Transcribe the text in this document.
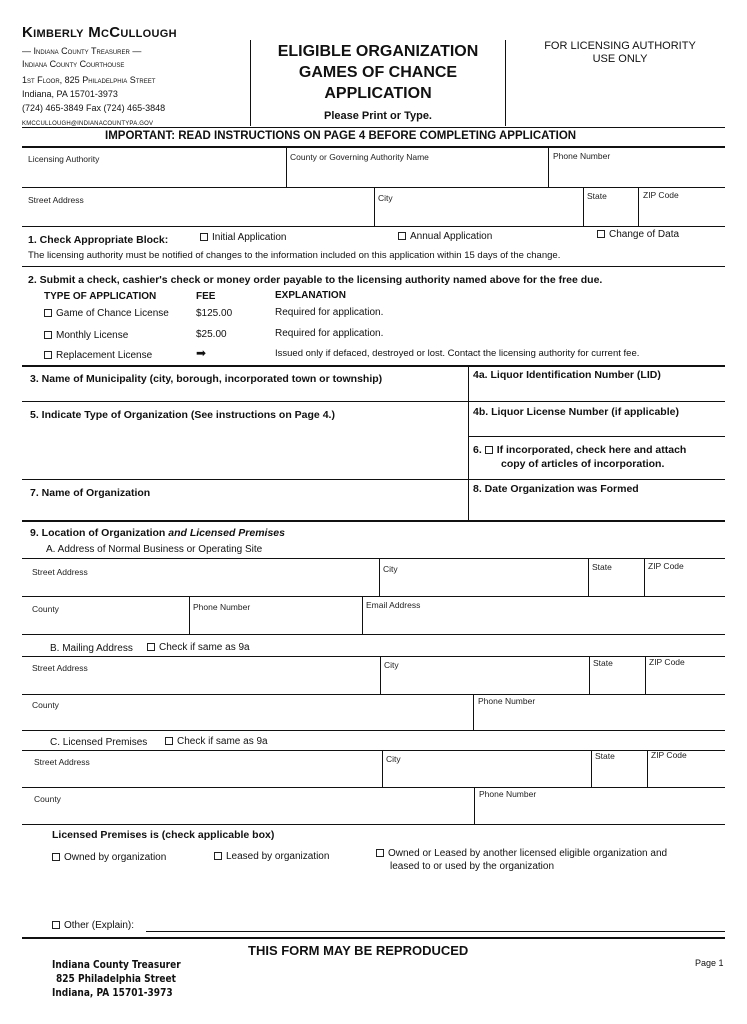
Kimberly McCullough
— Indiana County Treasurer —
Indiana County Courthouse
1st Floor, 825 Philadelphia Street
Indiana, PA 15701-3973
(724) 465-3849 Fax (724) 465-3848
KMCCULLOUGH@INDIANACOUNTYPA.GOV
ELIGIBLE ORGANIZATION
GAMES OF CHANCE
APPLICATION
Please Print or Type.
FOR LICENSING AUTHORITY
USE ONLY
IMPORTANT: READ INSTRUCTIONS ON PAGE 4 BEFORE COMPLETING APPLICATION
Licensing Authority	County or Governing Authority Name	Phone Number
Street Address	City	State	ZIP Code
1. Check Appropriate Block:	Initial Application	Annual Application	Change of Data
The licensing authority must be notified of changes to the information included on this application within 15 days of the change.
2. Submit a check, cashier's check or money order payable to the licensing authority named above for the free due.
TYPE OF APPLICATION	FEE	EXPLANATION
Game of Chance License	$125.00	Required for application.
Monthly License	$25.00	Required for application.
Replacement License	➡	Issued only if defaced, destroyed or lost. Contact the licensing authority for current fee.
3. Name of Municipality (city, borough, incorporated town or township)	4a. Liquor Identification Number (LID)
5. Indicate Type of Organization (See instructions on Page 4.)	4b. Liquor License Number (if applicable)
6. If incorporated, check here and attach
copy of articles of incorporation.
7. Name of Organization	8. Date Organization was Formed
9. Location of Organization and Licensed Premises
A. Address of Normal Business or Operating Site
Street Address	City	State	ZIP Code
County	Phone Number	Email Address
B. Mailing Address	Check if same as 9a
Street Address	City	State	ZIP Code
County	Phone Number
C. Licensed Premises	Check if same as 9a
Street Address	City	State	ZIP Code
County	Phone Number
Licensed Premises is (check applicable box)
Owned by organization	Leased by organization	Owned or Leased by another licensed eligible organization and
leased to or used by the organization
Other (Explain):
THIS FORM MAY BE REPRODUCED
Page 1
Indiana County Treasurer
825 Philadelphia Street
Indiana, PA 15701-3973
